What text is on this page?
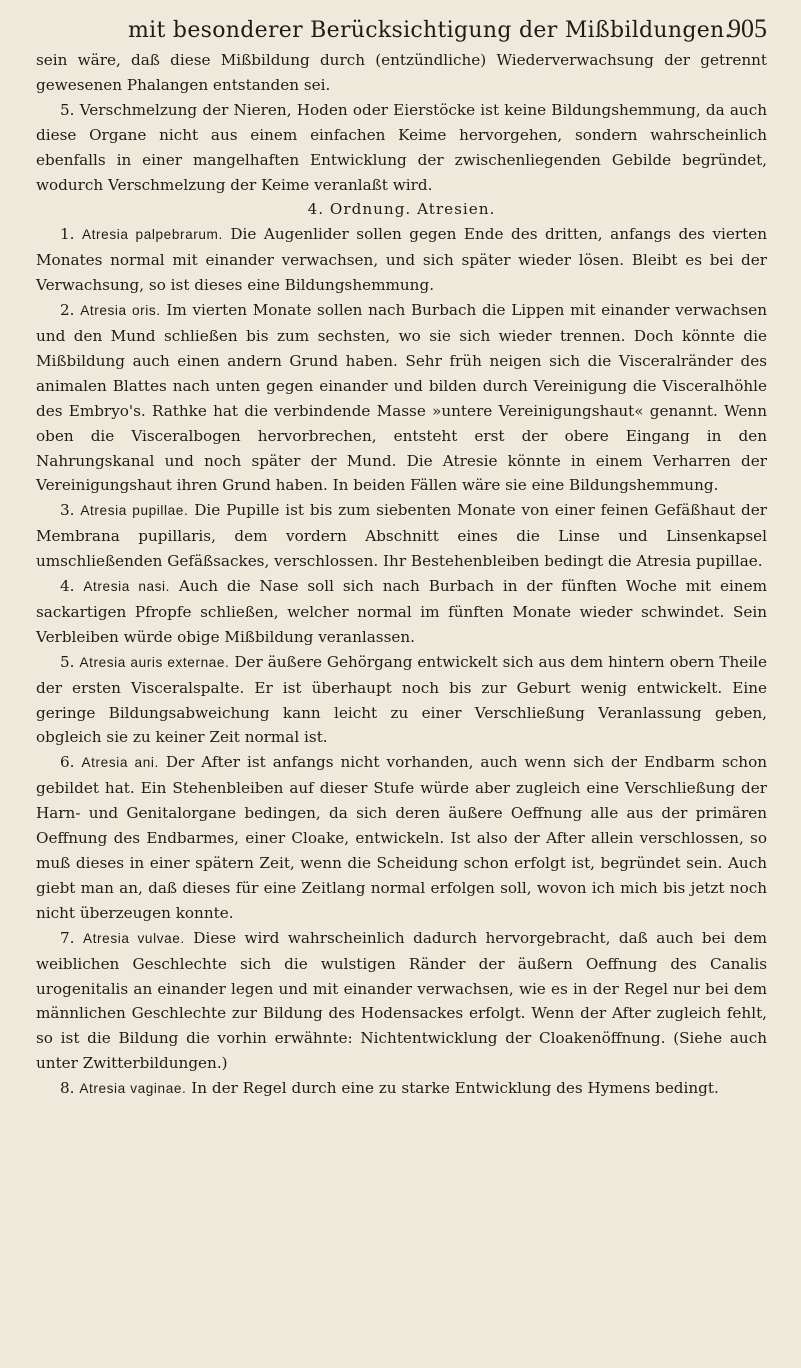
mit besonderer Berücksichtigung der Mißbildungen.
905

sein wäre, daß diese Mißbildung durch (entzündliche) Wiederverwachsung der getrennt gewesenen Phalangen entstanden sei.

5. Verschmelzung der Nieren, Hoden oder Eierstöcke ist keine Bildungshemmung, da auch diese Organe nicht aus einem einfachen Keime hervorgehen, sondern wahrscheinlich ebenfalls in einer mangelhaften Entwicklung der zwischenliegenden Gebilde begründet, wodurch Verschmelzung der Keime veranlaßt wird.

4. Ordnung. Atresien.

1. Atresia palpebrarum. Die Augenlider sollen gegen Ende des dritten, anfangs des vierten Monates normal mit einander verwachsen, und sich später wieder lösen. Bleibt es bei der Verwachsung, so ist dieses eine Bildungshemmung.

2. Atresia oris. Im vierten Monate sollen nach Burbach die Lippen mit einander verwachsen und den Mund schließen bis zum sechsten, wo sie sich wieder trennen. Doch könnte die Mißbildung auch einen andern Grund haben. Sehr früh neigen sich die Visceralränder des animalen Blattes nach unten gegen einander und bilden durch Vereinigung die Visceralhöhle des Embryo's. Rathke hat die verbindende Masse »untere Vereinigungshaut« genannt. Wenn oben die Visceralbogen hervorbrechen, entsteht erst der obere Eingang in den Nahrungskanal und noch später der Mund. Die Atresie könnte in einem Verharren der Vereinigungshaut ihren Grund haben. In beiden Fällen wäre sie eine Bildungshemmung.

3. Atresia pupillae. Die Pupille ist bis zum siebenten Monate von einer feinen Gefäßhaut der Membrana pupillaris, dem vordern Abschnitt eines die Linse und Linsenkapsel umschließenden Gefäßsackes, verschlossen. Ihr Bestehenbleiben bedingt die Atresia pupillae.

4. Atresia nasi. Auch die Nase soll sich nach Burbach in der fünften Woche mit einem sackartigen Pfropfe schließen, welcher normal im fünften Monate wieder schwindet. Sein Verbleiben würde obige Mißbildung veranlassen.

5. Atresia auris externae. Der äußere Gehörgang entwickelt sich aus dem hintern obern Theile der ersten Visceralspalte. Er ist überhaupt noch bis zur Geburt wenig entwickelt. Eine geringe Bildungsabweichung kann leicht zu einer Verschließung Veranlassung geben, obgleich sie zu keiner Zeit normal ist.

6. Atresia ani. Der After ist anfangs nicht vorhanden, auch wenn sich der Endbarm schon gebildet hat. Ein Stehenbleiben auf dieser Stufe würde aber zugleich eine Verschließung der Harn- und Genitalorgane bedingen, da sich deren äußere Oeffnung alle aus der primären Oeffnung des Endbarmes, einer Cloake, entwickeln. Ist also der After allein verschlossen, so muß dieses in einer spätern Zeit, wenn die Scheidung schon erfolgt ist, begründet sein. Auch giebt man an, daß dieses für eine Zeitlang normal erfolgen soll, wovon ich mich bis jetzt noch nicht überzeugen konnte.

7. Atresia vulvae. Diese wird wahrscheinlich dadurch hervorgebracht, daß auch bei dem weiblichen Geschlechte sich die wulstigen Ränder der äußern Oeffnung des Canalis urogenitalis an einander legen und mit einander verwachsen, wie es in der Regel nur bei dem männlichen Geschlechte zur Bildung des Hodensackes erfolgt. Wenn der After zugleich fehlt, so ist die Bildung die vorhin erwähnte: Nichtentwicklung der Cloakenöffnung. (Siehe auch unter Zwitterbildungen.)

8. Atresia vaginae. In der Regel durch eine zu starke Entwicklung des Hymens bedingt.
